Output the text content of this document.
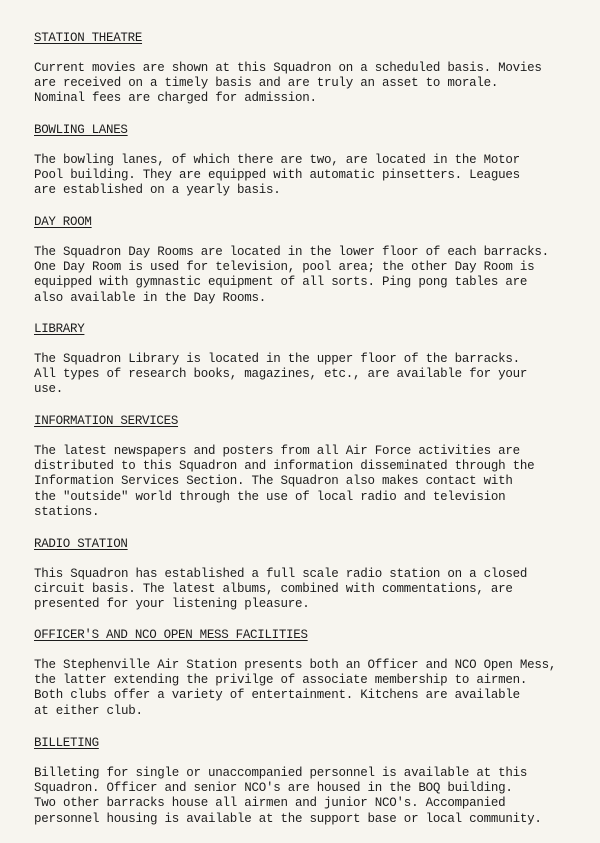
STATION THEATRE
Current movies are shown at this Squadron on a scheduled basis. Movies
are received on a timely basis and are truly an asset to morale.
Nominal fees are charged for admission.
BOWLING LANES
The bowling lanes, of which there are two, are located in the Motor
Pool building. They are equipped with automatic pinsetters. Leagues
are established on a yearly basis.
DAY ROOM
The Squadron Day Rooms are located in the lower floor of each barracks.
One Day Room is used for television, pool area; the other Day Room is
equipped with gymnastic equipment of all sorts. Ping pong tables are
also available in the Day Rooms.
LIBRARY
The Squadron Library is located in the upper floor of the barracks.
All types of research books, magazines, etc., are available for your
use.
INFORMATION SERVICES
The latest newspapers and posters from all Air Force activities are
distributed to this Squadron and information disseminated through the
Information Services Section. The Squadron also makes contact with
the "outside" world through the use of local radio and television
stations.
RADIO STATION
This Squadron has established a full scale radio station on a closed
circuit basis. The latest albums, combined with commentations, are
presented for your listening pleasure.
OFFICER'S AND NCO OPEN MESS FACILITIES
The Stephenville Air Station presents both an Officer and NCO Open Mess,
the latter extending the privilge of associate membership to airmen.
Both clubs offer a variety of entertainment. Kitchens are available
at either club.
BILLETING
Billeting for single or unaccompanied personnel is available at this
Squadron. Officer and senior NCO's are housed in the BOQ building.
Two other barracks house all airmen and junior NCO's. Accompanied
personnel housing is available at the support base or local community.
